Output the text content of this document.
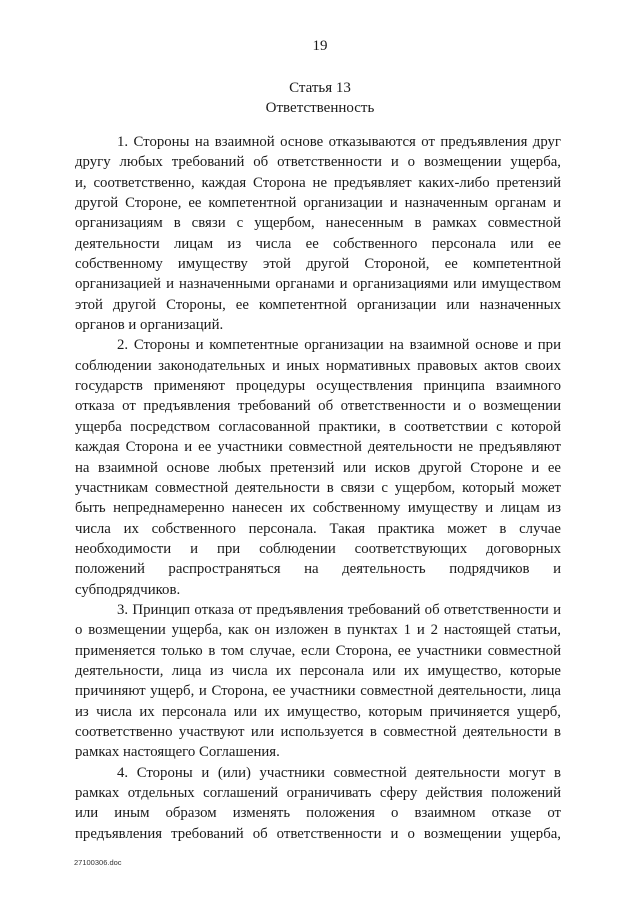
19
Статья 13
Ответственность
1. Стороны на взаимной основе отказываются от предъявления друг
другу любых требований об ответственности и о возмещении ущерба,
и, соответственно, каждая Сторона не предъявляет каких-либо претензий
другой Стороне, ее компетентной организации и назначенным органам и
организациям в связи с ущербом, нанесенным в рамках совместной
деятельности лицам из числа ее собственного персонала или ее
собственному имуществу этой другой Стороной, ее компетентной
организацией и назначенными органами и организациями или имуществом
этой другой Стороны, ее компетентной организации или назначенных
органов и организаций.
2. Стороны и компетентные организации на взаимной основе и при
соблюдении законодательных и иных нормативных правовых актов своих
государств применяют процедуры осуществления принципа взаимного
отказа от предъявления требований об ответственности и о возмещении
ущерба посредством согласованной практики, в соответствии с которой
каждая Сторона и ее участники совместной деятельности не предъявляют
на взаимной основе любых претензий или исков другой Стороне и ее
участникам совместной деятельности в связи с ущербом, который может
быть непреднамеренно нанесен их собственному имуществу и лицам из
числа их собственного персонала. Такая практика может в случае
необходимости и при соблюдении соответствующих договорных
положений распространяться на деятельность подрядчиков и
субподрядчиков.
3. Принцип отказа от предъявления требований об ответственности и
о возмещении ущерба, как он изложен в пунктах 1 и 2 настоящей статьи,
применяется только в том случае, если Сторона, ее участники совместной
деятельности, лица из числа их персонала или их имущество, которые
причиняют ущерб, и Сторона, ее участники совместной деятельности, лица
из числа их персонала или их имущество, которым причиняется ущерб,
соответственно участвуют или используется в совместной деятельности в
рамках настоящего Соглашения.
4. Стороны и (или) участники совместной деятельности могут в
рамках отдельных соглашений ограничивать сферу действия положений
или иным образом изменять положения о взаимном отказе от
предъявления требований об ответственности и о возмещении ущерба,
27100306.doc
